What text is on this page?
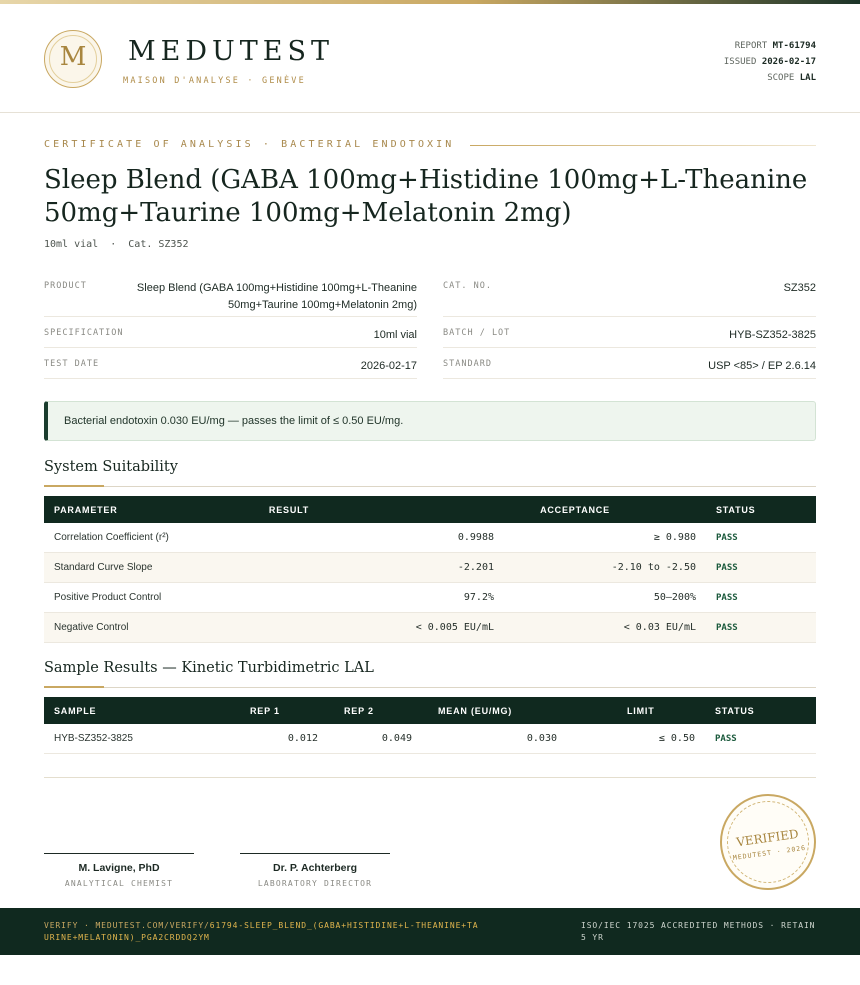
M	MEDUTEST
MAISON D'ANALYSE · GENÈVE
REPORT MT-61794
ISSUED 2026-02-17
SCOPE LAL
CERTIFICATE OF ANALYSIS · BACTERIAL ENDOTOXIN
Sleep Blend (GABA 100mg+Histidine 100mg+L-Theanine 50mg+Taurine 100mg+Melatonin 2mg)
10ml vial  ·  Cat. SZ352
PRODUCT	Sleep Blend (GABA 100mg+Histidine 100mg+L-Theanine
50mg+Taurine 100mg+Melatonin 2mg)
CAT. NO.	SZ352
SPECIFICATION	10ml vial	BATCH / LOT	HYB-SZ352-3825
TEST DATE	2026-02-17	STANDARD	USP <85> / EP 2.6.14
Bacterial endotoxin 0.030 EU/mg — passes the limit of ≤ 0.50 EU/mg.
System Suitability
PARAMETER	RESULT	ACCEPTANCE	STATUS
Correlation Coefficient (r²)	0.9988	≥ 0.980	PASS
Standard Curve Slope	-2.201	-2.10 to -2.50	PASS
Positive Product Control	97.2%	50–200%	PASS
Negative Control	< 0.005 EU/mL	< 0.03 EU/mL	PASS
Sample Results — Kinetic Turbidimetric LAL
SAMPLE	REP 1	REP 2	MEAN (EU/MG)	LIMIT	STATUS
HYB-SZ352-3825	0.012	0.049	0.030	≤ 0.50	PASS
M. Lavigne, PhD
ANALYTICAL CHEMIST
Dr. P. Achterberg
LABORATORY DIRECTOR
VERIFIED
MEDUTEST · 2026
VERIFY · MEDUTEST.COM/VERIFY/61794-SLEEP_BLEND_(GABA+HISTIDINE+L-THEANINE+TAURINE+MELATONIN)_PGA2CRDDQ2YM
ISO/IEC 17025 ACCREDITED METHODS · RETAIN 5 YR
